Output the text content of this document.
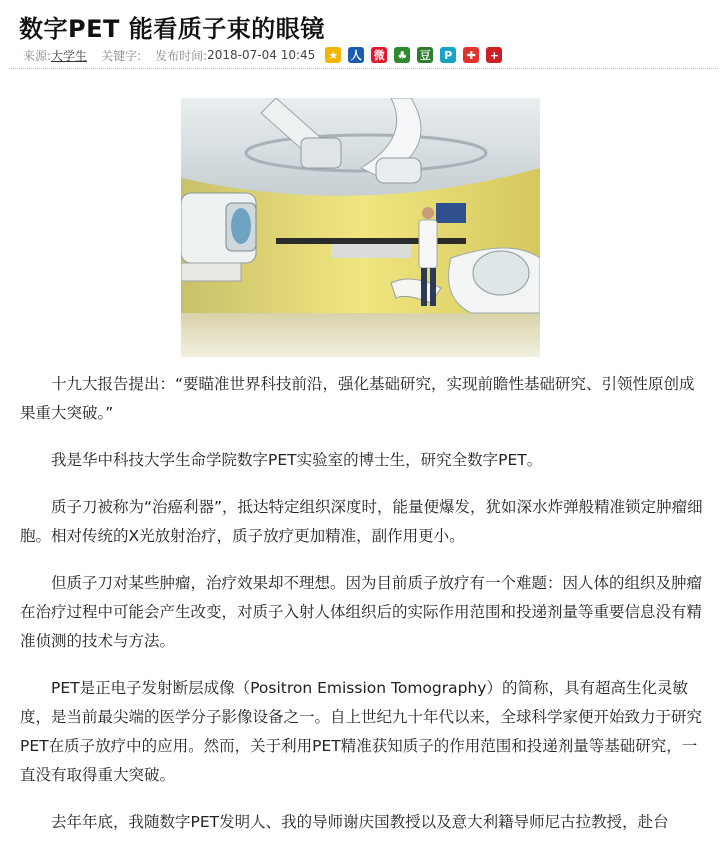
数字PET 能看质子束的眼镜
来源: 大学生 关键字: 发布时间: 2018-07-04 10:45 ★ 人 微 ♣ 豆	P	✚	+

十九大报告提出：“要瞄准世界科技前沿，强化基础研究，实现前瞻性基础研究、引领性原创成果重大突破。”

我是华中科技大学生命学院数字PET实验室的博士生，研究全数字PET。

质子刀被称为“治癌利器”，抵达特定组织深度时，能量便爆发，犹如深水炸弹般精准锁定肿瘤细胞。相对传统的X光放射治疗，质子放疗更加精准，副作用更小。

但质子刀对某些肿瘤，治疗效果却不理想。因为目前质子放疗有一个难题：因人体的组织及肿瘤在治疗过程中可能会产生改变，对质子入射人体组织后的实际作用范围和投递剂量等重要信息没有精准侦测的技术与方法。

PET是正电子发射断层成像（Positron Emission Tomography）的简称，具有超高生化灵敏度，是当前最尖端的医学分子影像设备之一。自上世纪九十年代以来，全球科学家便开始致力于研究PET在质子放疗中的应用。然而，关于利用PET精准获知质子的作用范围和投递剂量等基础研究，一直没有取得重大突破。

去年年底，我随数字PET发明人、我的导师谢庆国教授以及意大利籍导师尼古拉教授，赴台
